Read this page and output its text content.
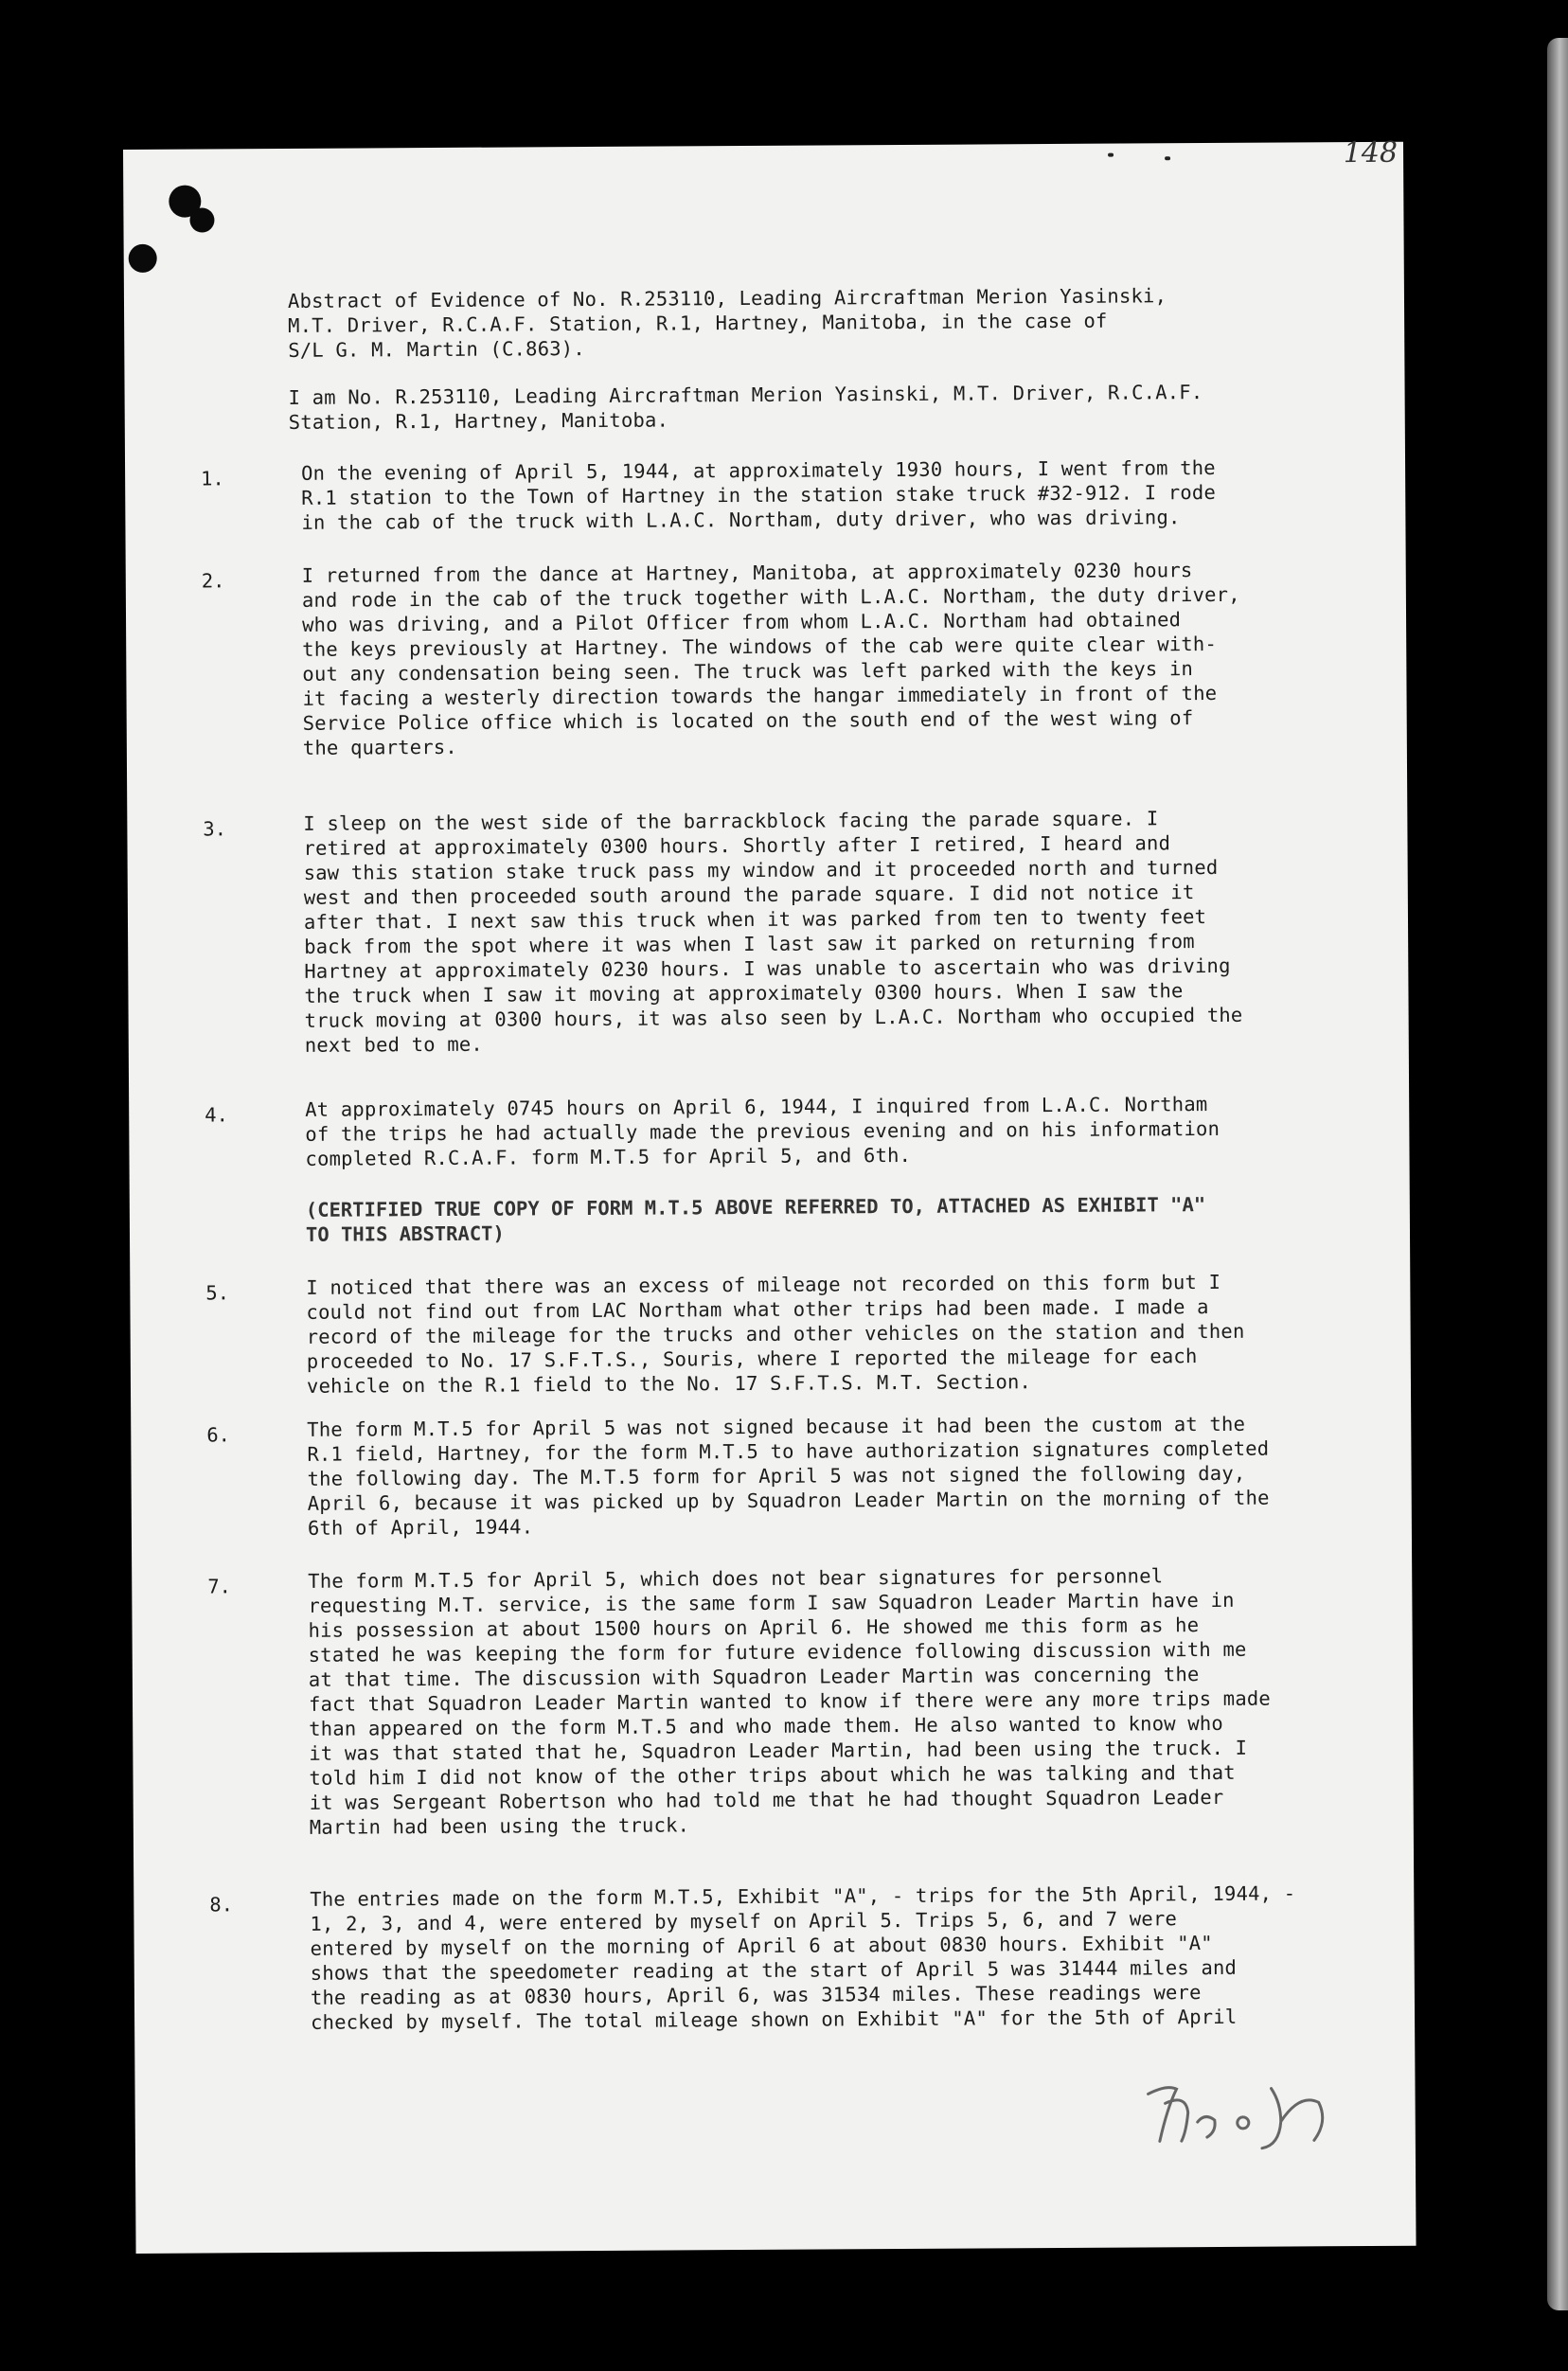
148
Abstract of Evidence of No. R.253110, Leading Aircraftman Merion Yasinski,
M.T. Driver, R.C.A.F. Station, R.1, Hartney, Manitoba, in the case of
S/L G. M. Martin (C.863).
I am No. R.253110, Leading Aircraftman Merion Yasinski, M.T. Driver, R.C.A.F.
Station, R.1, Hartney, Manitoba.
1.	On the evening of April 5, 1944, at approximately 1930 hours, I went from the
R.1 station to the Town of Hartney in the station stake truck #32-912. I rode
in the cab of the truck with L.A.C. Northam, duty driver, who was driving.
2.	I returned from the dance at Hartney, Manitoba, at approximately 0230 hours
and rode in the cab of the truck together with L.A.C. Northam, the duty driver,
who was driving, and a Pilot Officer from whom L.A.C. Northam had obtained
the keys previously at Hartney. The windows of the cab were quite clear with-
out any condensation being seen. The truck was left parked with the keys in
it facing a westerly direction towards the hangar immediately in front of the
Service Police office which is located on the south end of the west wing of
the quarters.
3.	I sleep on the west side of the barrackblock facing the parade square. I
retired at approximately 0300 hours. Shortly after I retired, I heard and
saw this station stake truck pass my window and it proceeded north and turned
west and then proceeded south around the parade square. I did not notice it
after that. I next saw this truck when it was parked from ten to twenty feet
back from the spot where it was when I last saw it parked on returning from
Hartney at approximately 0230 hours. I was unable to ascertain who was driving
the truck when I saw it moving at approximately 0300 hours. When I saw the
truck moving at 0300 hours, it was also seen by L.A.C. Northam who occupied the
next bed to me.
4.	At approximately 0745 hours on April 6, 1944, I inquired from L.A.C. Northam
of the trips he had actually made the previous evening and on his information
completed R.C.A.F. form M.T.5 for April 5, and 6th.
(CERTIFIED TRUE COPY OF FORM M.T.5 ABOVE REFERRED TO, ATTACHED AS EXHIBIT "A"
TO THIS ABSTRACT)
5.	I noticed that there was an excess of mileage not recorded on this form but I
could not find out from LAC Northam what other trips had been made. I made a
record of the mileage for the trucks and other vehicles on the station and then
proceeded to No. 17 S.F.T.S., Souris, where I reported the mileage for each
vehicle on the R.1 field to the No. 17 S.F.T.S. M.T. Section.
6.	The form M.T.5 for April 5 was not signed because it had been the custom at the
R.1 field, Hartney, for the form M.T.5 to have authorization signatures completed
the following day. The M.T.5 form for April 5 was not signed the following day,
April 6, because it was picked up by Squadron Leader Martin on the morning of the
6th of April, 1944.
7.	The form M.T.5 for April 5, which does not bear signatures for personnel
requesting M.T. service, is the same form I saw Squadron Leader Martin have in
his possession at about 1500 hours on April 6. He showed me this form as he
stated he was keeping the form for future evidence following discussion with me
at that time. The discussion with Squadron Leader Martin was concerning the
fact that Squadron Leader Martin wanted to know if there were any more trips made
than appeared on the form M.T.5 and who made them. He also wanted to know who
it was that stated that he, Squadron Leader Martin, had been using the truck. I
told him I did not know of the other trips about which he was talking and that
it was Sergeant Robertson who had told me that he had thought Squadron Leader
Martin had been using the truck.
8.	The entries made on the form M.T.5, Exhibit "A", - trips for the 5th April, 1944, -
1, 2, 3, and 4, were entered by myself on April 5. Trips 5, 6, and 7 were
entered by myself on the morning of April 6 at about 0830 hours. Exhibit "A"
shows that the speedometer reading at the start of April 5 was 31444 miles and
the reading as at 0830 hours, April 6, was 31534 miles. These readings were
checked by myself. The total mileage shown on Exhibit "A" for the 5th of April
